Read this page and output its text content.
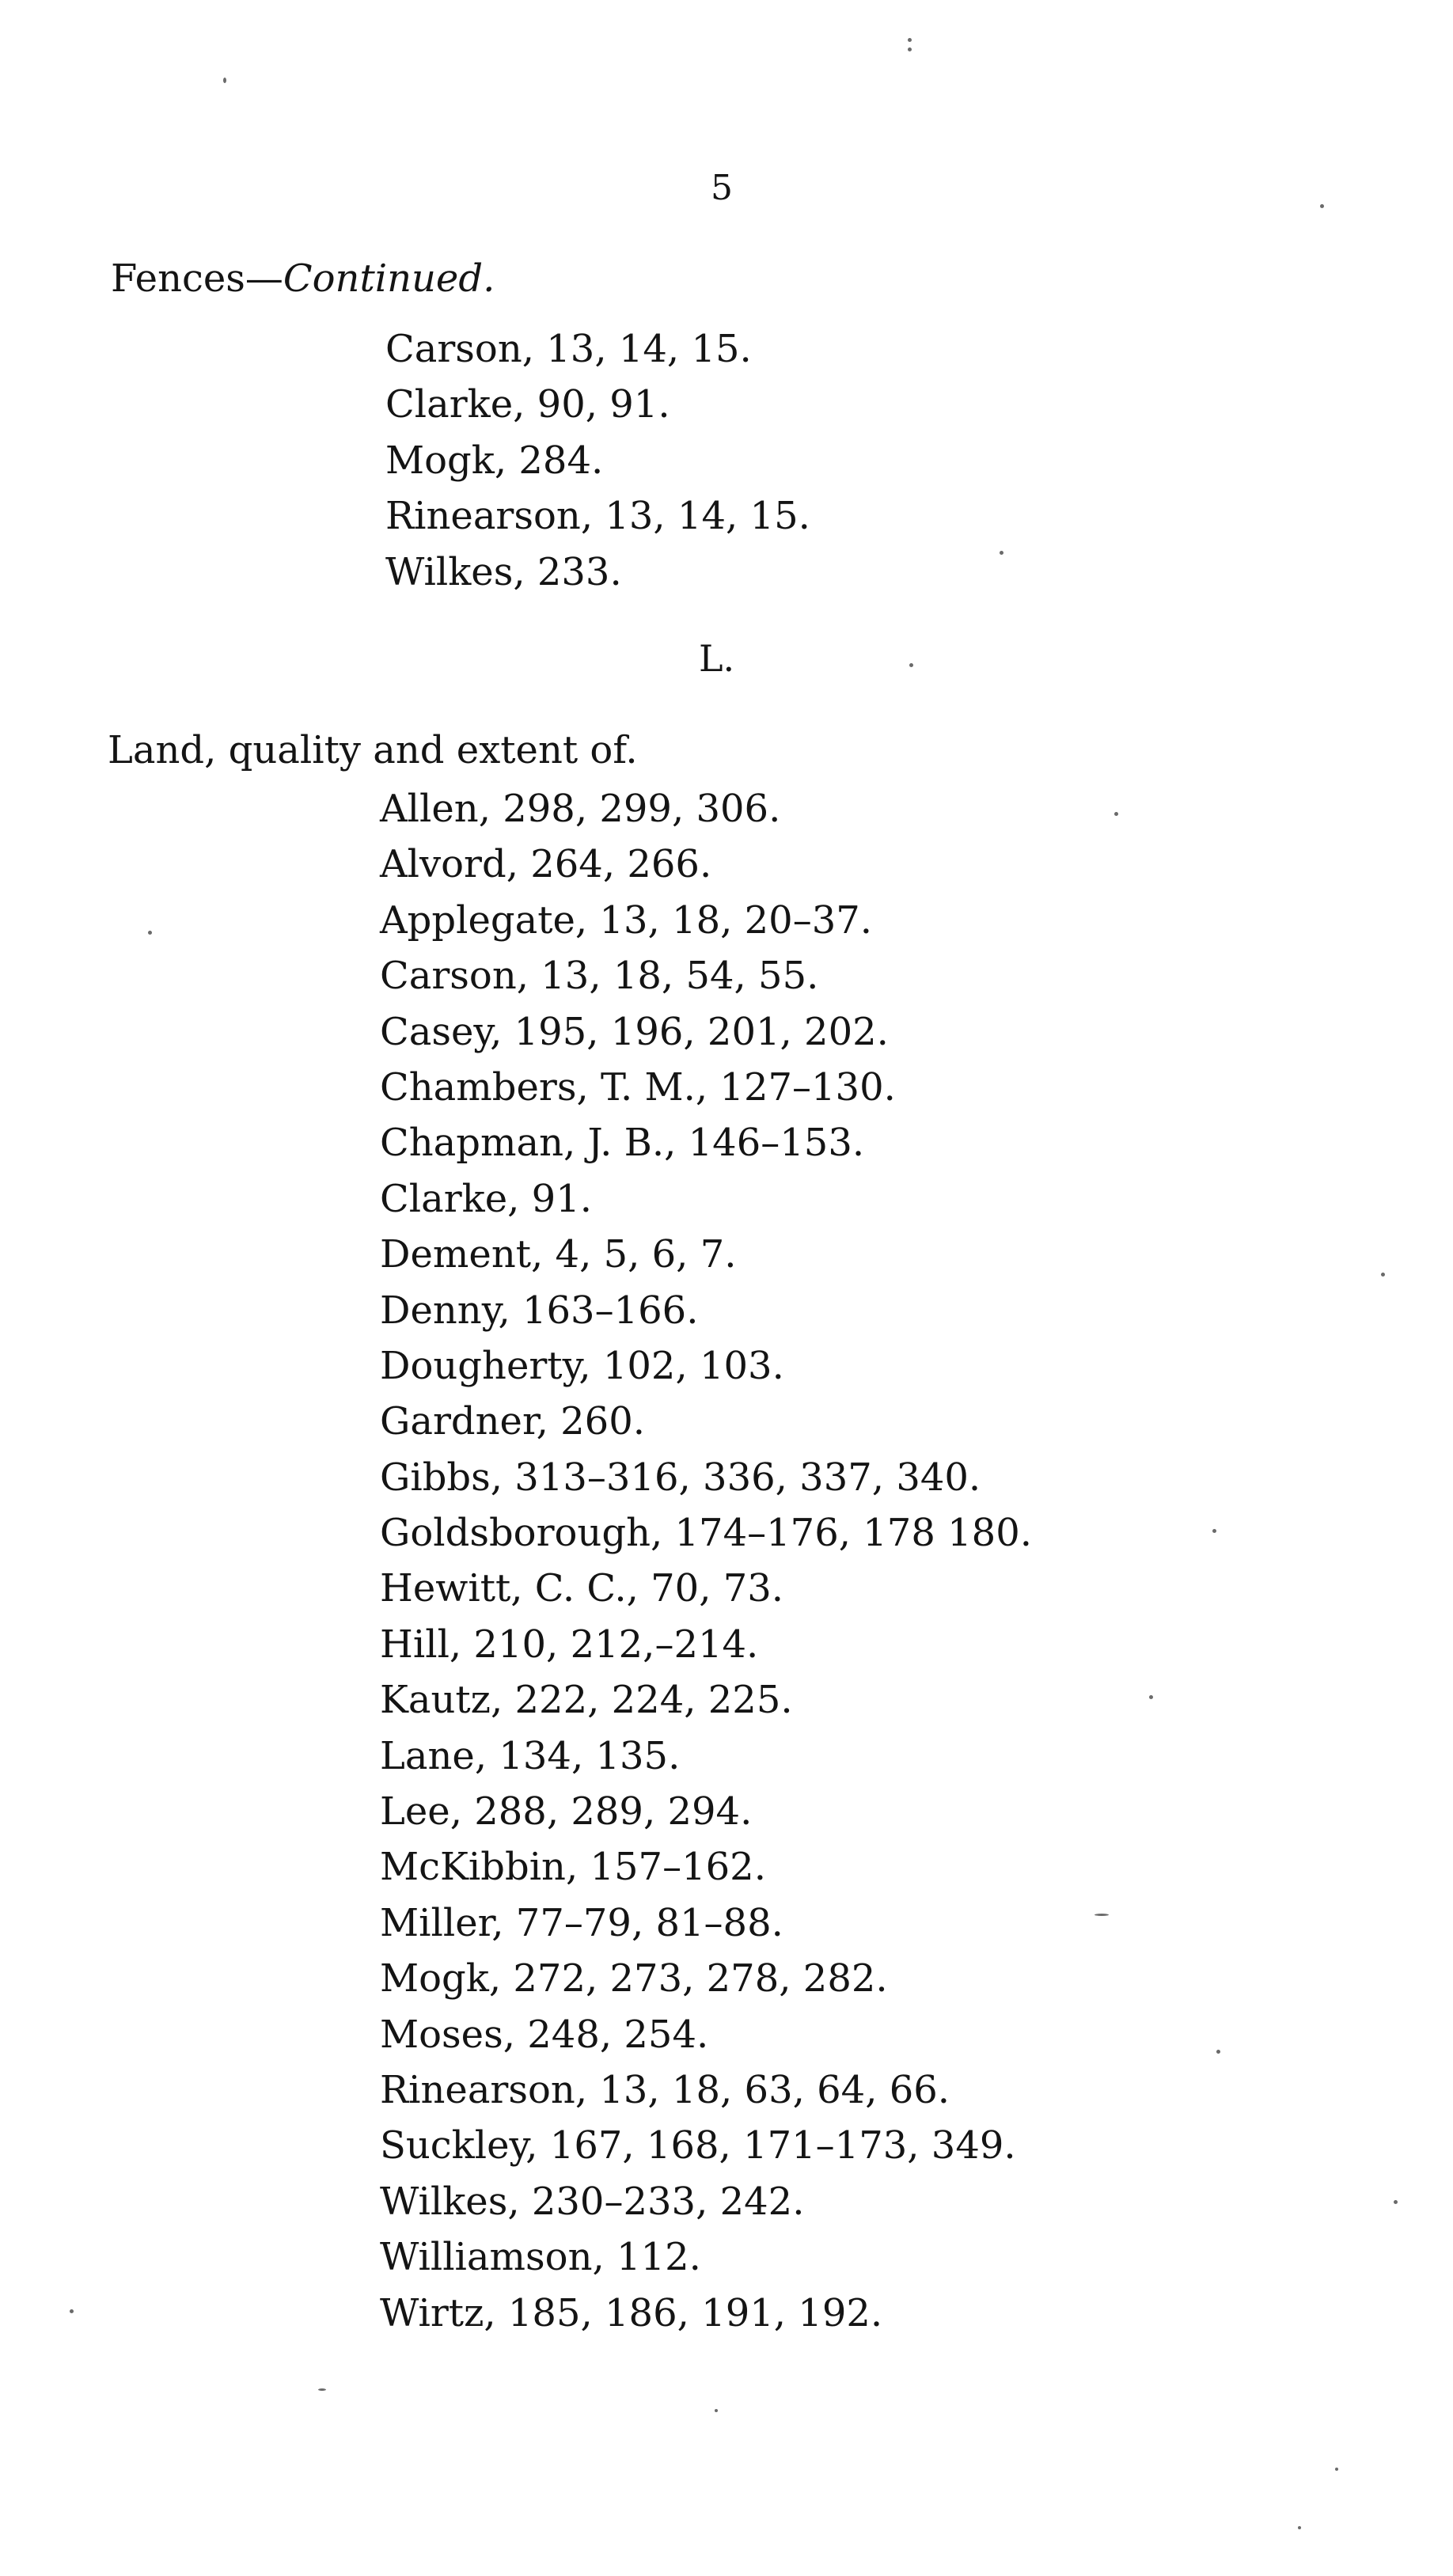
5
Fences—Continued.
Carson, 13, 14, 15.
Clarke, 90, 91.
Mogk, 284.
Rinearson, 13, 14, 15.
Wilkes, 233.
L.
Land, quality and extent of.
Allen, 298, 299, 306.
Alvord, 264, 266.
Applegate, 13, 18, 20–37.
Carson, 13, 18, 54, 55.
Casey, 195, 196, 201, 202.
Chambers, T. M., 127–130.
Chapman, J. B., 146–153.
Clarke, 91.
Dement, 4, 5, 6, 7.
Denny, 163–166.
Dougherty, 102, 103.
Gardner, 260.
Gibbs, 313–316, 336, 337, 340.
Goldsborough, 174–176, 178 180.
Hewitt, C. C., 70, 73.
Hill, 210, 212,–214.
Kautz, 222, 224, 225.
Lane, 134, 135.
Lee, 288, 289, 294.
McKibbin, 157–162.
Miller, 77–79, 81–88.
Mogk, 272, 273, 278, 282.
Moses, 248, 254.
Rinearson, 13, 18, 63, 64, 66.
Suckley, 167, 168, 171–173, 349.
Wilkes, 230–233, 242.
Williamson, 112.
Wirtz, 185, 186, 191, 192.
